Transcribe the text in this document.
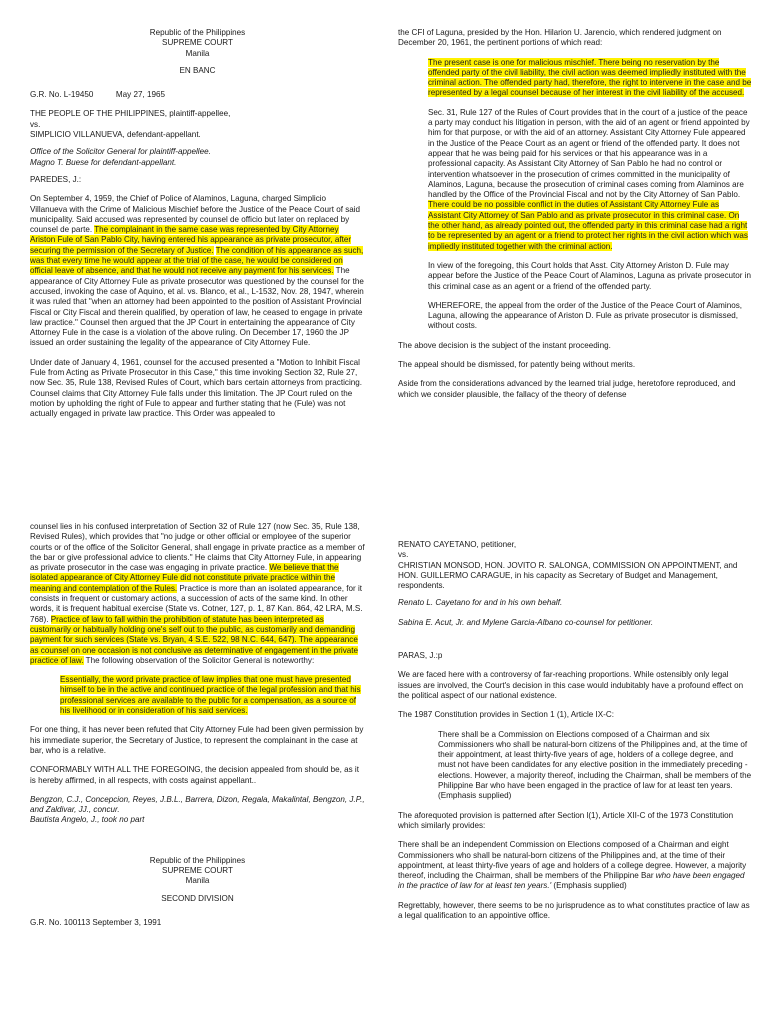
Republic of the Philippines
SUPREME COURT
Manila
EN BANC

G.R. No. L-19450          May 27, 1965

THE PEOPLE OF THE PHILIPPINES, plaintiff-appellee,
vs.
SIMPLICIO VILLANUEVA, defendant-appellant.
Office of the Solicitor General for plaintiff-appellee.
Magno T. Buese for defendant-appellant.

PAREDES, J.:

On September 4, 1959, the Chief of Police of Alaminos, Laguna, charged Simplicio Villanueva with the Crime of Malicious Mischief before the Justice of the Peace Court of said municipality. Said accused was represented by counsel de officio but later on replaced by counsel de parte. The complainant in the same case was represented by City Attorney Ariston Fule of San Pablo City, having entered his appearance as private prosecutor, after securing the permission of the Secretary of Justice. The condition of his appearance as such, was that every time he would appear at the trial of the case, he would be considered on official leave of absence, and that he would not receive any payment for his services. The appearance of City Attorney Fule as private prosecutor was questioned by the counsel for the accused, invoking the case of Aquino, et al. vs. Blanco, et al., L-1532, Nov. 28, 1947, wherein it was ruled that "when an attorney had been appointed to the position of Assistant Provincial Fiscal or City Fiscal and therein qualified, by operation of law, he ceased to engage in private law practice." Counsel then argued that the JP Court in entertaining the appearance of City Attorney Fule in the case is a violation of the above ruling. On December 17, 1960 the JP issued an order sustaining the legality of the appearance of City Attorney Fule.

Under date of January 4, 1961, counsel for the accused presented a "Motion to Inhibit Fiscal Fule from Acting as Private Prosecutor in this Case," this time invoking Section 32, Rule 27, now Sec. 35, Rule 138, Revised Rules of Court, which bars certain attorneys from practicing. Counsel claims that City Attorney Fule falls under this limitation. The JP Court ruled on the motion by upholding the right of Fule to appear and further stating that he (Fule) was not actually engaged in private law practice. This Order was appealed to

the CFI of Laguna, presided by the Hon. Hilarion U. Jarencio, which rendered judgment on December 20, 1961, the pertinent portions of which read:

The present case is one for malicious mischief. There being no reservation by the offended party of the civil liability, the civil action was deemed impliedly instituted with the criminal action. The offended party had, therefore, the right to intervene in the case and be represented by a legal counsel because of her interest in the civil liability of the accused.

Sec. 31, Rule 127 of the Rules of Court provides that in the court of a justice of the peace a party may conduct his litigation in person, with the aid of an agent or friend appointed by him for that purpose, or with the aid of an attorney. Assistant City Attorney Fule appeared in the Justice of the Peace Court as an agent or friend of the offended party. It does not appear that he was being paid for his services or that his appearance was in a professional capacity. As Assistant City Attorney of San Pablo he had no control or intervention whatsoever in the prosecution of crimes committed in the municipality of Alaminos, Laguna, because the prosecution of criminal cases coming from Alaminos are handled by the Office of the Provincial Fiscal and not by the City Attorney of San Pablo. There could be no possible conflict in the duties of Assistant City Attorney Fule as Assistant City Attorney of San Pablo and as private prosecutor in this criminal case. On the other hand, as already pointed out, the offended party in this criminal case had a right to be represented by an agent or a friend to protect her rights in the civil action which was impliedly instituted together with the criminal action.

In view of the foregoing, this Court holds that Asst. City Attorney Ariston D. Fule may appear before the Justice of the Peace Court of Alaminos, Laguna as private prosecutor in this criminal case as an agent or a friend of the offended party.

WHEREFORE, the appeal from the order of the Justice of the Peace Court of Alaminos, Laguna, allowing the appearance of Ariston D. Fule as private prosecutor is dismissed, without costs.

The above decision is the subject of the instant proceeding.

The appeal should be dismissed, for patently being without merits.

Aside from the considerations advanced by the learned trial judge, heretofore reproduced, and which we consider plausible, the fallacy of the theory of defense

counsel lies in his confused interpretation of Section 32 of Rule 127 (now Sec. 35, Rule 138, Revised Rules), which provides that "no judge or other official or employee of the superior courts or of the office of the Solicitor General, shall engage in private practice as a member of the bar or give professional advice to clients." He claims that City Attorney Fule, in appearing as private prosecutor in the case was engaging in private practice. We believe that the isolated appearance of City Attorney Fule did not constitute private practice within the meaning and contemplation of the Rules. Practice is more than an isolated appearance, for it consists in frequent or customary actions, a succession of acts of the same kind. In other words, it is frequent habitual exercise (State vs. Cotner, 127, p. 1, 87 Kan. 864, 42 LRA, M.S. 768). Practice of law to fall within the prohibition of statute has been interpreted as customarily or habitually holding one's self out to the public, as customarily and demanding payment for such services (State vs. Bryan, 4 S.E. 522, 98 N.C. 644, 647). The appearance as counsel on one occasion is not conclusive as determinative of engagement in the private practice of law. The following observation of the Solicitor General is noteworthy:

Essentially, the word private practice of law implies that one must have presented himself to be in the active and continued practice of the legal profession and that his professional services are available to the public for a compensation, as a source of his livelihood or in consideration of his said services.

For one thing, it has never been refuted that City Attorney Fule had been given permission by his immediate superior, the Secretary of Justice, to represent the complainant in the case at bar, who is a relative.

CONFORMABLY WITH ALL THE FOREGOING, the decision appealed from should be, as it is hereby affirmed, in all respects, with costs against appellant..

Bengzon, C.J., Concepcion, Reyes, J.B.L., Barrera, Dizon, Regala, Makalintal, Bengzon, J.P., and Zaldivar, JJ., concur.
Bautista Angelo, J., took no part
Republic of the Philippines
SUPREME COURT
Manila
SECOND DIVISION

G.R. No. 100113 September 3, 1991

RENATO CAYETANO, petitioner,
vs.
CHRISTIAN MONSOD, HON. JOVITO R. SALONGA, COMMISSION ON APPOINTMENT, and HON. GUILLERMO CARAGUE, in his capacity as Secretary of Budget and Management, respondents.

Renato L. Cayetano for and in his own behalf.

Sabina E. Acut, Jr. and Mylene Garcia-Albano co-counsel for petitioner.

PARAS, J.:p

We are faced here with a controversy of far-reaching proportions. While ostensibly only legal issues are involved, the Court's decision in this case would indubitably have a profound effect on the political aspect of our national existence.

The 1987 Constitution provides in Section 1 (1), Article IX-C:

There shall be a Commission on Elections composed of a Chairman and six Commissioners who shall be natural-born citizens of the Philippines and, at the time of their appointment, at least thirty-five years of age, holders of a college degree, and must not have been candidates for any elective position in the immediately preceding -elections. However, a majority thereof, including the Chairman, shall be members of the Philippine Bar who have been engaged in the practice of law for at least ten years. (Emphasis supplied)

The aforequoted provision is patterned after Section l(1), Article XII-C of the 1973 Constitution which similarly provides:

There shall be an independent Commission on Elections composed of a Chairman and eight Commissioners who shall be natural-born citizens of the Philippines and, at the time of their appointment, at least thirty-five years of age and holders of a college degree. However, a majority thereof, including the Chairman, shall be members of the Philippine Bar who have been engaged in the practice of law for at least ten years.' (Emphasis supplied)

Regrettably, however, there seems to be no jurisprudence as to what constitutes practice of law as a legal qualification to an appointive office.
